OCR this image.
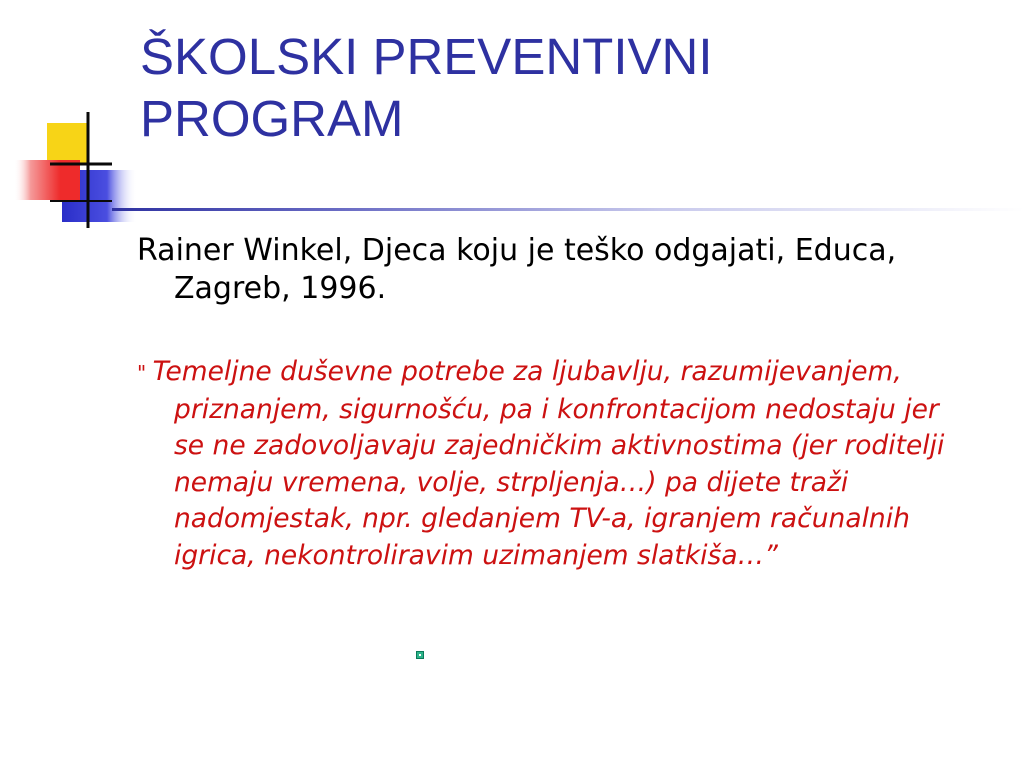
ŠKOLSKI PREVENTIVNI
PROGRAM

Rainer Winkel, Djeca koju je teško odgajati, Educa, Zagreb, 1996.

" Temeljne duševne potrebe za ljubavlju, razumijevanjem, priznanjem, sigurnošću, pa i konfrontacijom nedostaju jer se ne zadovoljavaju zajedničkim aktivnostima (jer roditelji nemaju vremena, volje, strpljenja…) pa dijete traži nadomjestak, npr. gledanjem TV-a, igranjem računalnih igrica, nekontroliravim uzimanjem slatkiša…”
